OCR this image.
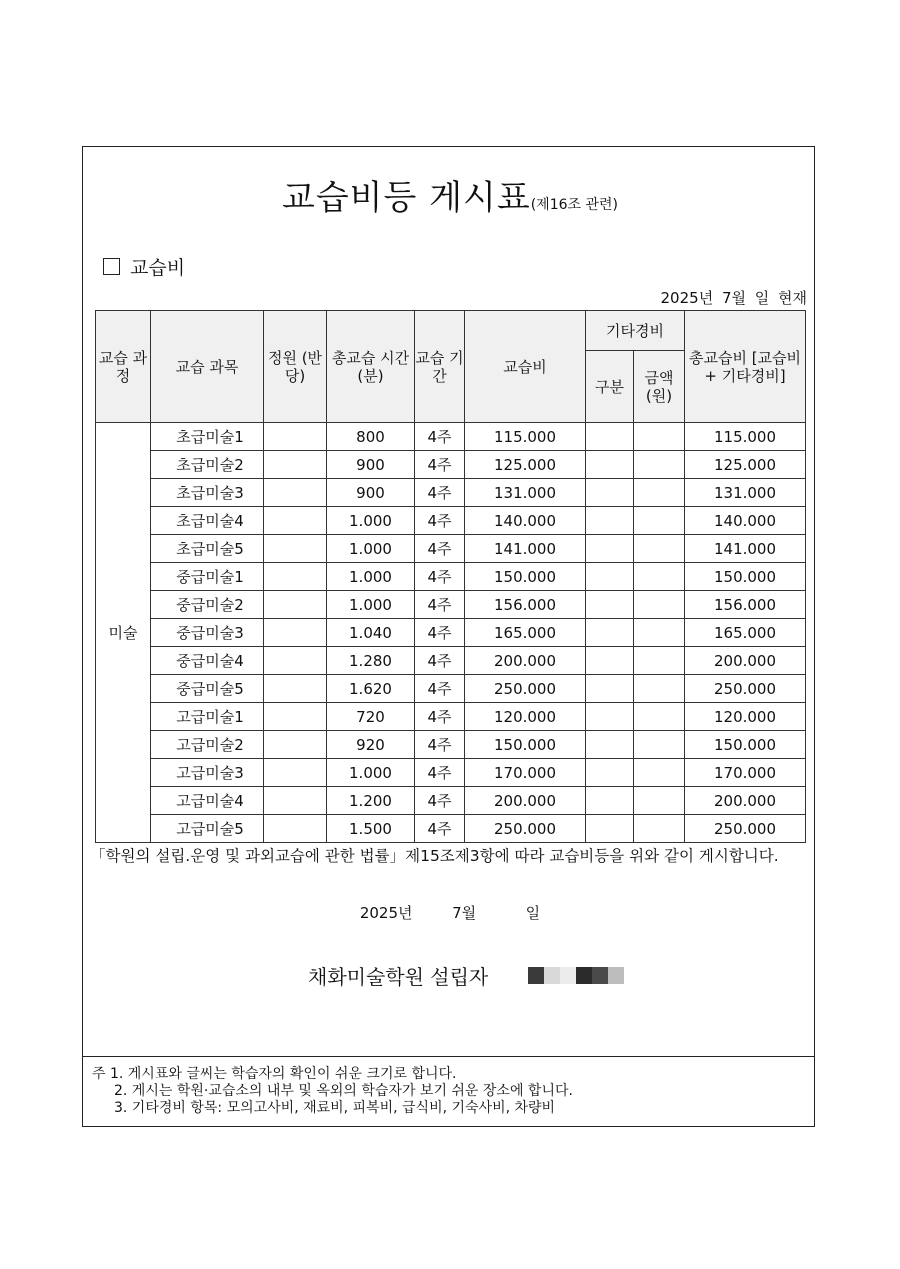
교습비등 게시표(제16조 관련)
교습비
2025년 7월 일 현재
교습 과정	교습 과목	정원 (반당)	총교습 시간(분)	교습 기간	교습비	기타경비		총교습비 [교습비+ 기타경비]
						구분	금액 (원)	
미술	초급미술1		800	4주	115.000			115.000
	초급미술2		900	4주	125.000			125.000
	초급미술3		900	4주	131.000			131.000
	초급미술4		1.000	4주	140.000			140.000
	초급미술5		1.000	4주	141.000			141.000
	중급미술1		1.000	4주	150.000			150.000
	중급미술2		1.000	4주	156.000			156.000
	중급미술3		1.040	4주	165.000			165.000
	중급미술4		1.280	4주	200.000			200.000
	중급미술5		1.620	4주	250.000			250.000
	고급미술1		720	4주	120.000			120.000
	고급미술2		920	4주	150.000			150.000
	고급미술3		1.000	4주	170.000			170.000
	고급미술4		1.200	4주	200.000			200.000
	고급미술5		1.500	4주	250.000			250.000
「학원의 설립.운영 및 과외교습에 관한 법률」제15조제3항에 따라 교습비등을 위와 같이 게시합니다.
2025년	7월	일
채화미술학원 설립자
주 1. 게시표와 글씨는 학습자의 확인이 쉬운 크기로 합니다.
2. 게시는 학원·교습소의 내부 및 옥외의 학습자가 보기 쉬운 장소에 합니다.
3. 기타경비 항목: 모의고사비, 재료비, 피복비, 급식비, 기숙사비, 차량비
